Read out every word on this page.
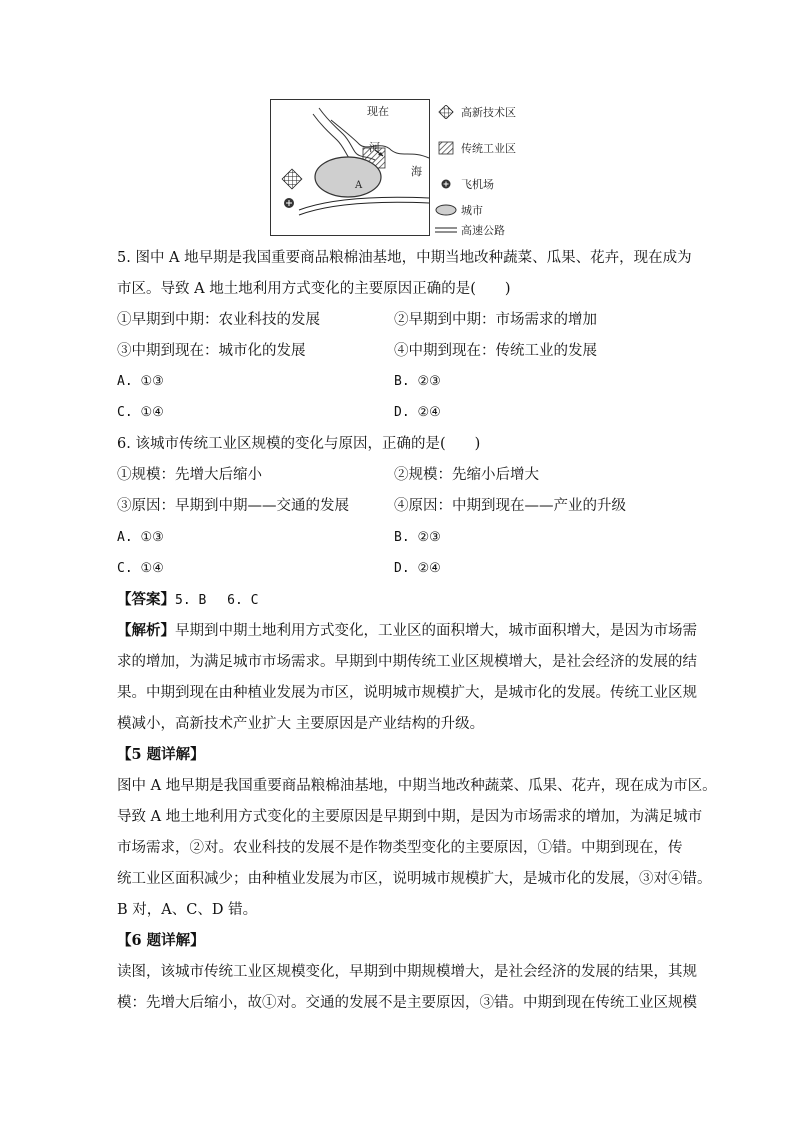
现在
河
海
A
高新技术区
传统工业区
飞机场
城市
高速公路
5. 图中 A 地早期是我国重要商品粮棉油基地，中期当地改种蔬菜、瓜果、花卉，现在成为
市区。导致 A 地土地利用方式变化的主要原因正确的是(　　)
①早期到中期：农业科技的发展	②早期到中期：市场需求的增加
③中期到现在：城市化的发展	④中期到现在：传统工业的发展
A. ①③	B. ②③
C. ①④	D. ②④
6. 该城市传统工业区规模的变化与原因，正确的是(　　)
①规模：先增大后缩小	②规模：先缩小后增大
③原因：早期到中期——交通的发展	④原因：中期到现在——产业的升级
A. ①③	B. ②③
C. ①④	D. ②④
【答案】5. B　 6. C
【解析】早期到中期土地利用方式变化，工业区的面积增大，城市面积增大，是因为市场需
求的增加，为满足城市市场需求。早期到中期传统工业区规模增大，是社会经济的发展的结
果。中期到现在由种植业发展为市区，说明城市规模扩大，是城市化的发展。传统工业区规
模减小，高新技术产业扩大 主要原因是产业结构的升级。
【5 题详解】
图中 A 地早期是我国重要商品粮棉油基地，中期当地改种蔬菜、瓜果、花卉，现在成为市区。
导致 A 地土地利用方式变化的主要原因是早期到中期，是因为市场需求的增加，为满足城市
市场需求，②对。农业科技的发展不是作物类型变化的主要原因，①错。中期到现在，传
统工业区面积减少；由种植业发展为市区，说明城市规模扩大，是城市化的发展，③对④错。
B 对，A、C、D 错。
【6 题详解】
读图，该城市传统工业区规模变化，早期到中期规模增大，是社会经济的发展的结果，其规
模：先增大后缩小，故①对。交通的发展不是主要原因，③错。中期到现在传统工业区规模
